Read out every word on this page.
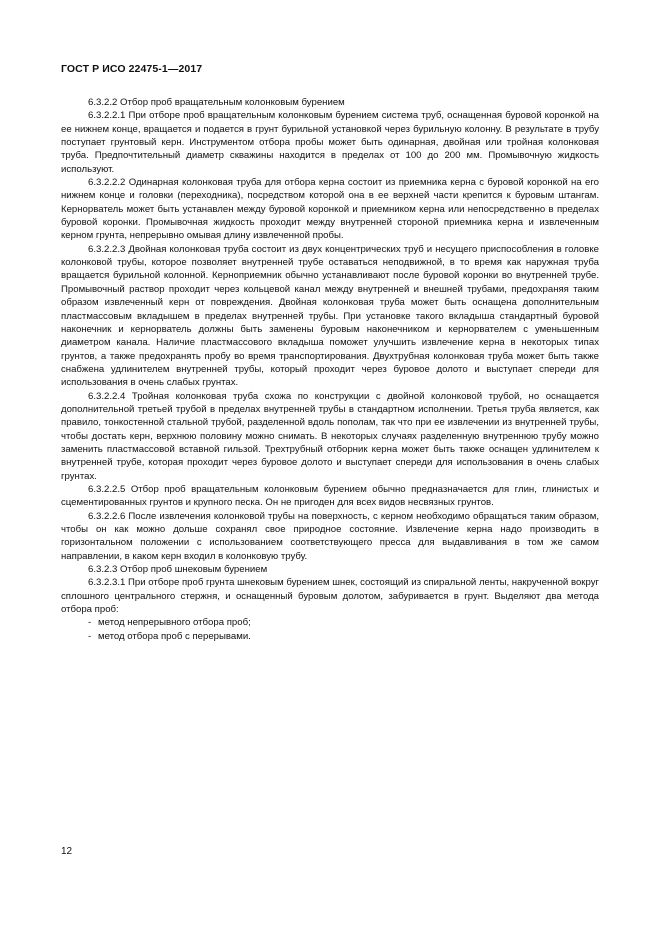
ГОСТ Р ИСО 22475-1—2017

6.3.2.2 Отбор проб вращательным колонковым бурением

6.3.2.2.1 При отборе проб вращательным колонковым бурением система труб, оснащенная буровой коронкой на ее нижнем конце, вращается и подается в грунт бурильной установкой через бурильную колонну. В результате в трубу поступает грунтовый керн. Инструментом отбора пробы может быть одинарная, двойная или тройная колонковая труба. Предпочтительный диаметр скважины находится в пределах от 100 до 200 мм. Промывочную жидкость используют.

6.3.2.2.2 Одинарная колонковая труба для отбора керна состоит из приемника керна с буровой коронкой на его нижнем конце и головки (переходника), посредством которой она в ее верхней части крепится к буровым штангам. Кернорватель может быть устанавлен между буровой коронкой и приемником керна или непосредственно в пределах буровой коронки. Промывочная жидкость проходит между внутренней стороной приемника керна и извлеченным керном грунта, непрерывно омывая длину извлеченной пробы.

6.3.2.2.3 Двойная колонковая труба состоит из двух концентрических труб и несущего приспособления в головке колонковой трубы, которое позволяет внутренней трубе оставаться неподвижной, в то время как наружная труба вращается бурильной колонной. Керноприемник обычно устанавливают после буровой коронки во внутренней трубе. Промывочный раствор проходит через кольцевой канал между внутренней и внешней трубами, предохраняя таким образом извлеченный керн от повреждения. Двойная колонковая труба может быть оснащена дополнительным пластмассовым вкладышем в пределах внутренней трубы. При установке такого вкладыша стандартный буровой наконечник и кернорватель должны быть заменены буровым наконечником и кернорвателем с уменьшенным диаметром канала. Наличие пластмассового вкладыша поможет улучшить извлечение керна в некоторых типах грунтов, а также предохранять пробу во время транспортирования. Двухтрубная колонковая труба может быть также снабжена удлинителем внутренней трубы, который проходит через буровое долото и выступает спереди для использования в очень слабых грунтах.

6.3.2.2.4 Тройная колонковая труба схожа по конструкции с двойной колонковой трубой, но оснащается дополнительной третьей трубой в пределах внутренней трубы в стандартном исполнении. Третья труба является, как правило, тонкостенной стальной трубой, разделенной вдоль пополам, так что при ее извлечении из внутренней трубы, чтобы достать керн, верхнюю половину можно снимать. В некоторых случаях разделенную внутреннюю трубу можно заменить пластмассовой вставной гильзой. Трехтрубный отборник керна может быть также оснащен удлинителем к внутренней трубе, которая проходит через буровое долото и выступает спереди для использования в очень слабых грунтах.

6.3.2.2.5 Отбор проб вращательным колонковым бурением обычно предназначается для глин, глинистых и сцементированных грунтов и крупного песка. Он не пригоден для всех видов несвязных грунтов.

6.3.2.2.6 После извлечения колонковой трубы на поверхность, с керном необходимо обращаться таким образом, чтобы он как можно дольше сохранял свое природное состояние. Извлечение керна надо производить в горизонтальном положении с использованием соответствующего пресса для выдавливания в том же самом направлении, в каком керн входил в колонковую трубу.

6.3.2.3 Отбор проб шнековым бурением

6.3.2.3.1 При отборе проб грунта шнековым бурением шнек, состоящий из спиральной ленты, накрученной вокруг сплошного центрального стержня, и оснащенный буровым долотом, забуривается в грунт. Выделяют два метода отбора проб:

- метод непрерывного отбора проб;
- метод отбора проб с перерывами.
12
